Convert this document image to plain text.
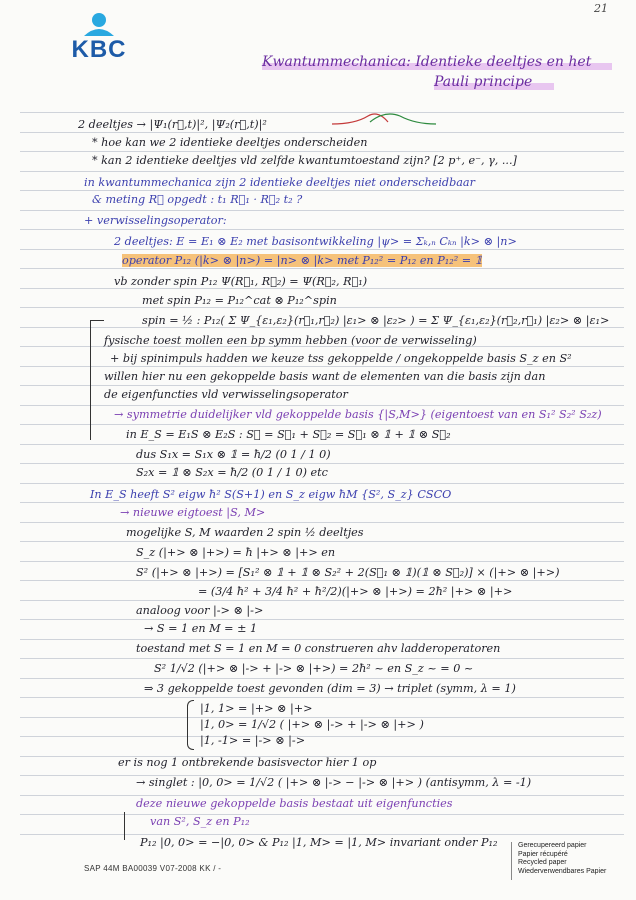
21
KBC	Kwantummechanica: Identieke deeltjes en het
Pauli principe
2 deeltjes → |Ψ₁(r⃗,t)|², |Ψ₂(r⃗,t)|²
* hoe kan we 2 identieke deeltjes onderscheiden
* kan 2 identieke deeltjes vld zelfde kwantumtoestand zijn? [2 p⁺, e⁻, γ, ...]
in kwantummechanica zijn 2 identieke deeltjes niet onderscheidbaar
& meting R⃗ opgedt : t₁ R⃗₁ · R⃗₂ t₂ ?
+ verwisselingsoperator:
2 deeltjes: E = E₁ ⊗ E₂ met basisontwikkeling |ψ> = Σₖ,ₙ Cₖₙ |k> ⊗ |n>
operator P₁₂ (|k> ⊗ |n>) = |n> ⊗ |k> met P₁₂² = P₁₂ en P₁₂² = 𝟙
vb zonder spin P₁₂ Ψ(R⃗₁, R⃗₂) = Ψ(R⃗₂, R⃗₁)
met spin P₁₂ = P₁₂^cat ⊗ P₁₂^spin
spin = ½ : P₁₂( Σ Ψ_{ε₁,ε₂}(r⃗₁,r⃗₂) |ε₁> ⊗ |ε₂> ) = Σ Ψ_{ε₁,ε₂}(r⃗₂,r⃗₁) |ε₂> ⊗ |ε₁>
fysische toest mollen een bp symm hebben (voor de verwisseling)
+ bij spinimpuls hadden we keuze tss gekoppelde / ongekoppelde basis S_z en S²
willen hier nu een gekoppelde basis want de elementen van die basis zijn dan
de eigenfuncties vld verwisselingsoperator
→ symmetrie duidelijker vld gekoppelde basis {|S,M>} (eigentoest van en S₁² S₂² S₂z)
in E_S = E₁S ⊗ E₂S : S⃗ = S⃗₁ + S⃗₂ = S⃗₁ ⊗ 𝟙 + 𝟙 ⊗ S⃗₂
dus S₁x = S₁x ⊗ 𝟙 = ħ/2 (0 1 / 1 0)
S₂x = 𝟙 ⊗ S₂x = ħ/2 (0 1 / 1 0) etc
In E_S heeft S² eigw ħ² S(S+1) en S_z eigw ħM {S², S_z} CSCO
→ nieuwe eigtoest |S, M>
mogelijke S, M waarden 2 spin ½ deeltjes
S_z (|+> ⊗ |+>) = ħ |+> ⊗ |+> en
S² (|+> ⊗ |+>) = [S₁² ⊗ 𝟙 + 𝟙 ⊗ S₂² + 2(S⃗₁ ⊗ 𝟙)(𝟙 ⊗ S⃗₂)] × (|+> ⊗ |+>)
= (3/4 ħ² + 3/4 ħ² + ħ²/2)(|+> ⊗ |+>) = 2ħ² |+> ⊗ |+>
analoog voor |-> ⊗ |->
→ S = 1 en M = ± 1
toestand met S = 1 en M = 0 construeren ahv ladderoperatoren
S² 1/√2 (|+> ⊗ |-> + |-> ⊗ |+>) = 2ħ² ~ en S_z ~ = 0 ~
⇒ 3 gekoppelde toest gevonden (dim = 3) → triplet (symm, λ = 1)
|1, 1> = |+> ⊗ |+>
|1, 0> = 1/√2 ( |+> ⊗ |-> + |-> ⊗ |+> )
|1, -1> = |-> ⊗ |->
er is nog 1 ontbrekende basisvector hier 1 op
→ singlet : |0, 0> = 1/√2 ( |+> ⊗ |-> − |-> ⊗ |+> ) (antisymm, λ = -1)
deze nieuwe gekoppelde basis bestaat uit eigenfuncties
van S², S_z en P₁₂
P₁₂ |0, 0> = −|0, 0> & P₁₂ |1, M> = |1, M> invariant onder P₁₂
SAP 44M BA00039 V07-2008 KK / -
Gerecupereerd papier
Papier récupéré
Recycled paper
Wiederverwendbares Papier
